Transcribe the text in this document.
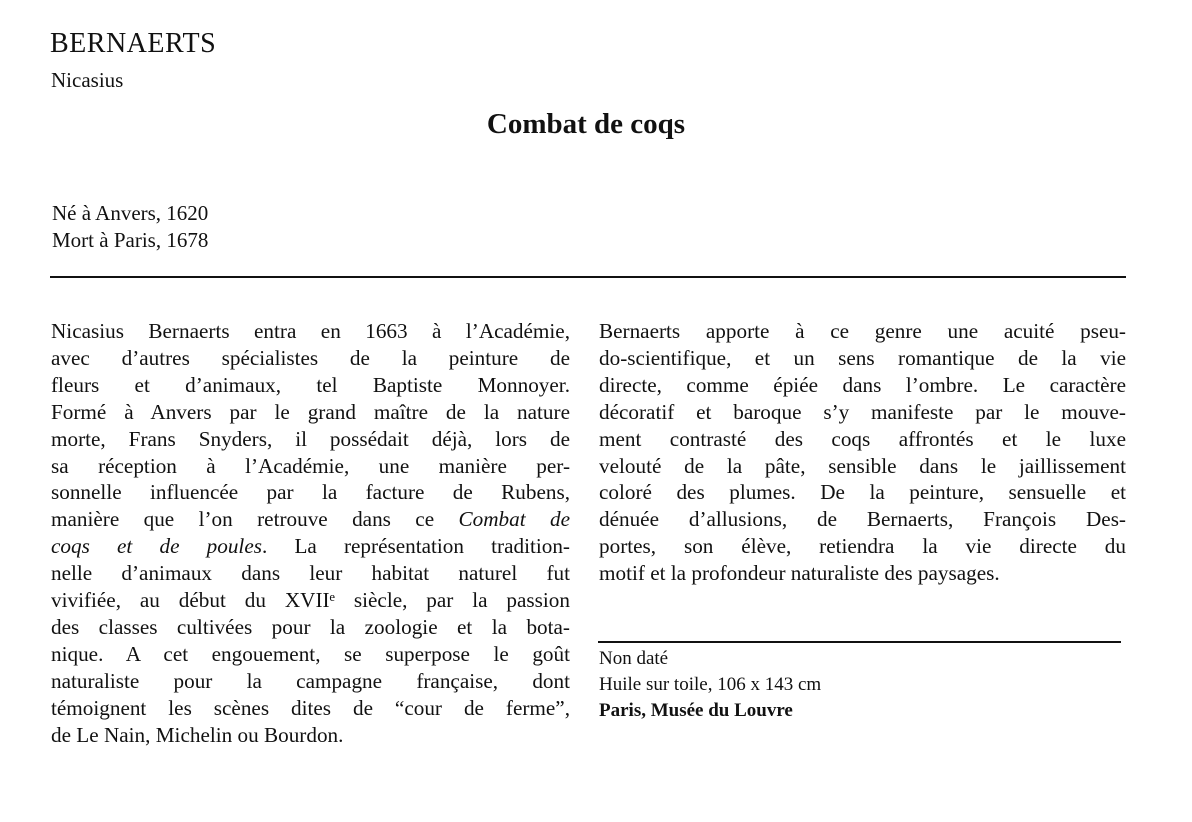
BERNAERTS
Nicasius
Combat de coqs
Né à Anvers, 1620
Mort à Paris, 1678
Nicasius Bernaerts entra en 1663 à l’Académie,
avec d’autres spécialistes de la peinture de
fleurs et d’animaux, tel Baptiste Monnoyer.
Formé à Anvers par le grand maître de la nature
morte, Frans Snyders, il possédait déjà, lors de
sa réception à l’Académie, une manière per-
sonnelle influencée par la facture de Rubens,
manière que l’on retrouve dans ce Combat de
coqs et de poules. La représentation tradition-
nelle d’animaux dans leur habitat naturel fut
vivifiée, au début du XVIIᵉ siècle, par la passion
des classes cultivées pour la zoologie et la bota-
nique. A cet engouement, se superpose le goût
naturaliste pour la campagne française, dont
témoignent les scènes dites de “cour de ferme”,
de Le Nain, Michelin ou Bourdon.
Bernaerts apporte à ce genre une acuité pseu-
do-scientifique, et un sens romantique de la vie
directe, comme épiée dans l’ombre. Le caractère
décoratif et baroque s’y manifeste par le mouve-
ment contrasté des coqs affrontés et le luxe
velouté de la pâte, sensible dans le jaillissement
coloré des plumes. De la peinture, sensuelle et
dénuée d’allusions, de Bernaerts, François Des-
portes, son élève, retiendra la vie directe du
motif et la profondeur naturaliste des paysages.
Non daté
Huile sur toile, 106 x 143 cm
Paris, Musée du Louvre
